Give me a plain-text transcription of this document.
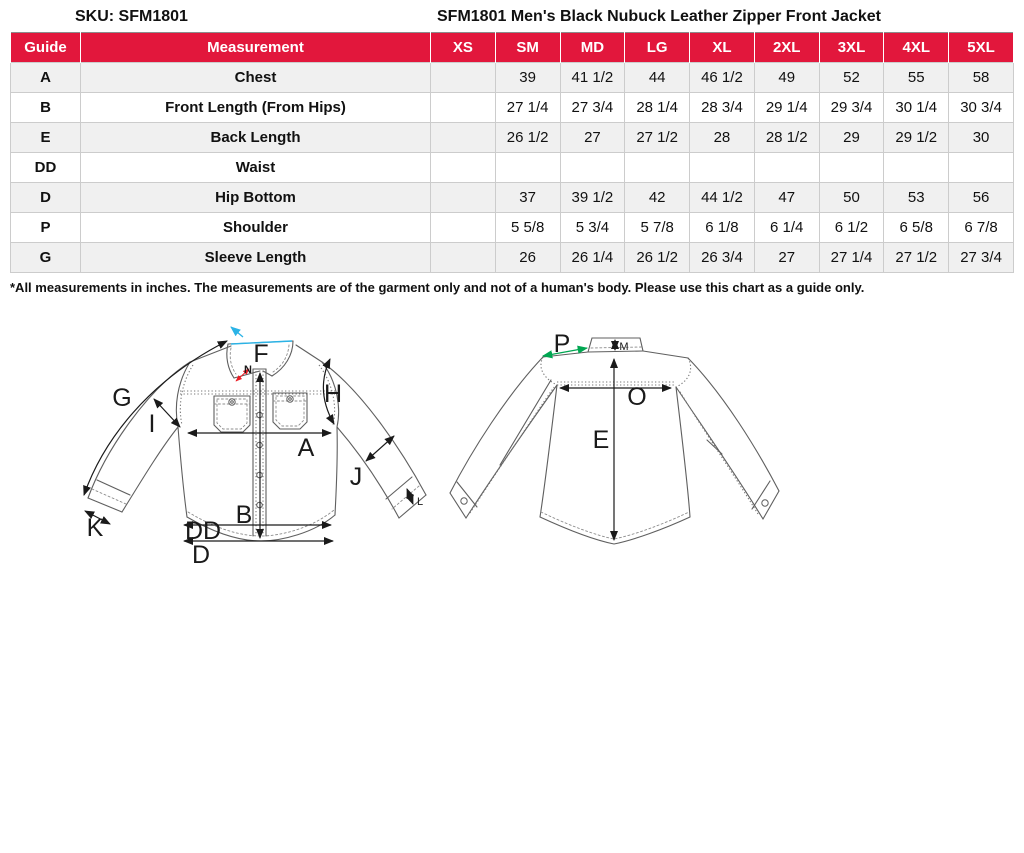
SKU: SFM1801	SFM1801 Men's Black Nubuck Leather Zipper Front Jacket
Guide	Measurement	XS	SM	MD	LG	XL	2XL	3XL	4XL	5XL
A	Chest		39	41 1/2	44	46 1/2	49	52	55	58
B	Front Length (From Hips)		27 1/4	27 3/4	28 1/4	28 3/4	29 1/4	29 3/4	30 1/4	30 3/4
E	Back Length		26 1/2	27	27 1/2	28	28 1/2	29	29 1/2	30
DD	Waist									
D	Hip Bottom		37	39 1/2	42	44 1/2	47	50	53	56
P	Shoulder		5 5/8	5 3/4	5 7/8	6 1/8	6 1/4	6 1/2	6 5/8	6 7/8
G	Sleeve Length		26	26 1/4	26 1/2	26 3/4	27	27 1/4	27 1/2	27 3/4
*All measurements in inches. The measurements are of the garment only and not of a human's body. Please use this chart as a guide only.
G
I
H
A
B
J
K	DD
D
F
N
L
P	M
O
E
